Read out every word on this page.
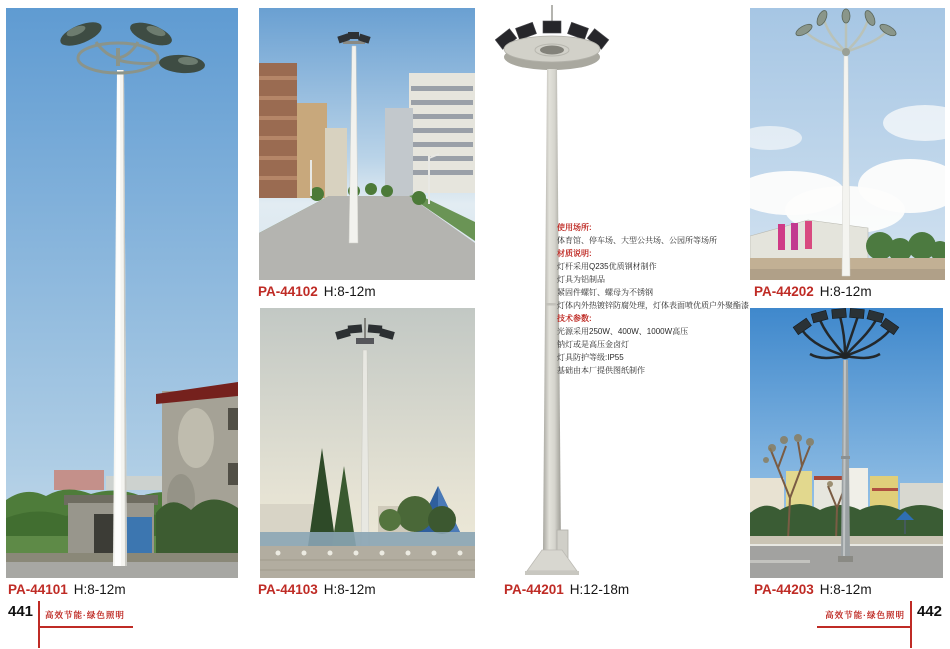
使用场所:
体育馆、停车场、大型公共场、公园所等场所
材质说明:
灯杆采用Q235优质钢材制作
灯具为铝制品
紧固件螺钉、螺母为不锈钢
灯体内外热镀锌防腐处理，灯体表面喷优质户外聚酯漆
技术参数:
光源采用250W、400W、1000W高压
钠灯或是高压金卤灯
灯具防护等级:IP55
基础由本厂提供图纸制作
PA-44101 H:8-12m
PA-44102 H:8-12m
PA-44103 H:8-12m	PA-44201 H:12-18m
PA-44202 H:8-12m
PA-44203 H:8-12m
441	高效节能·绿色照明	高效节能·绿色照明 442
